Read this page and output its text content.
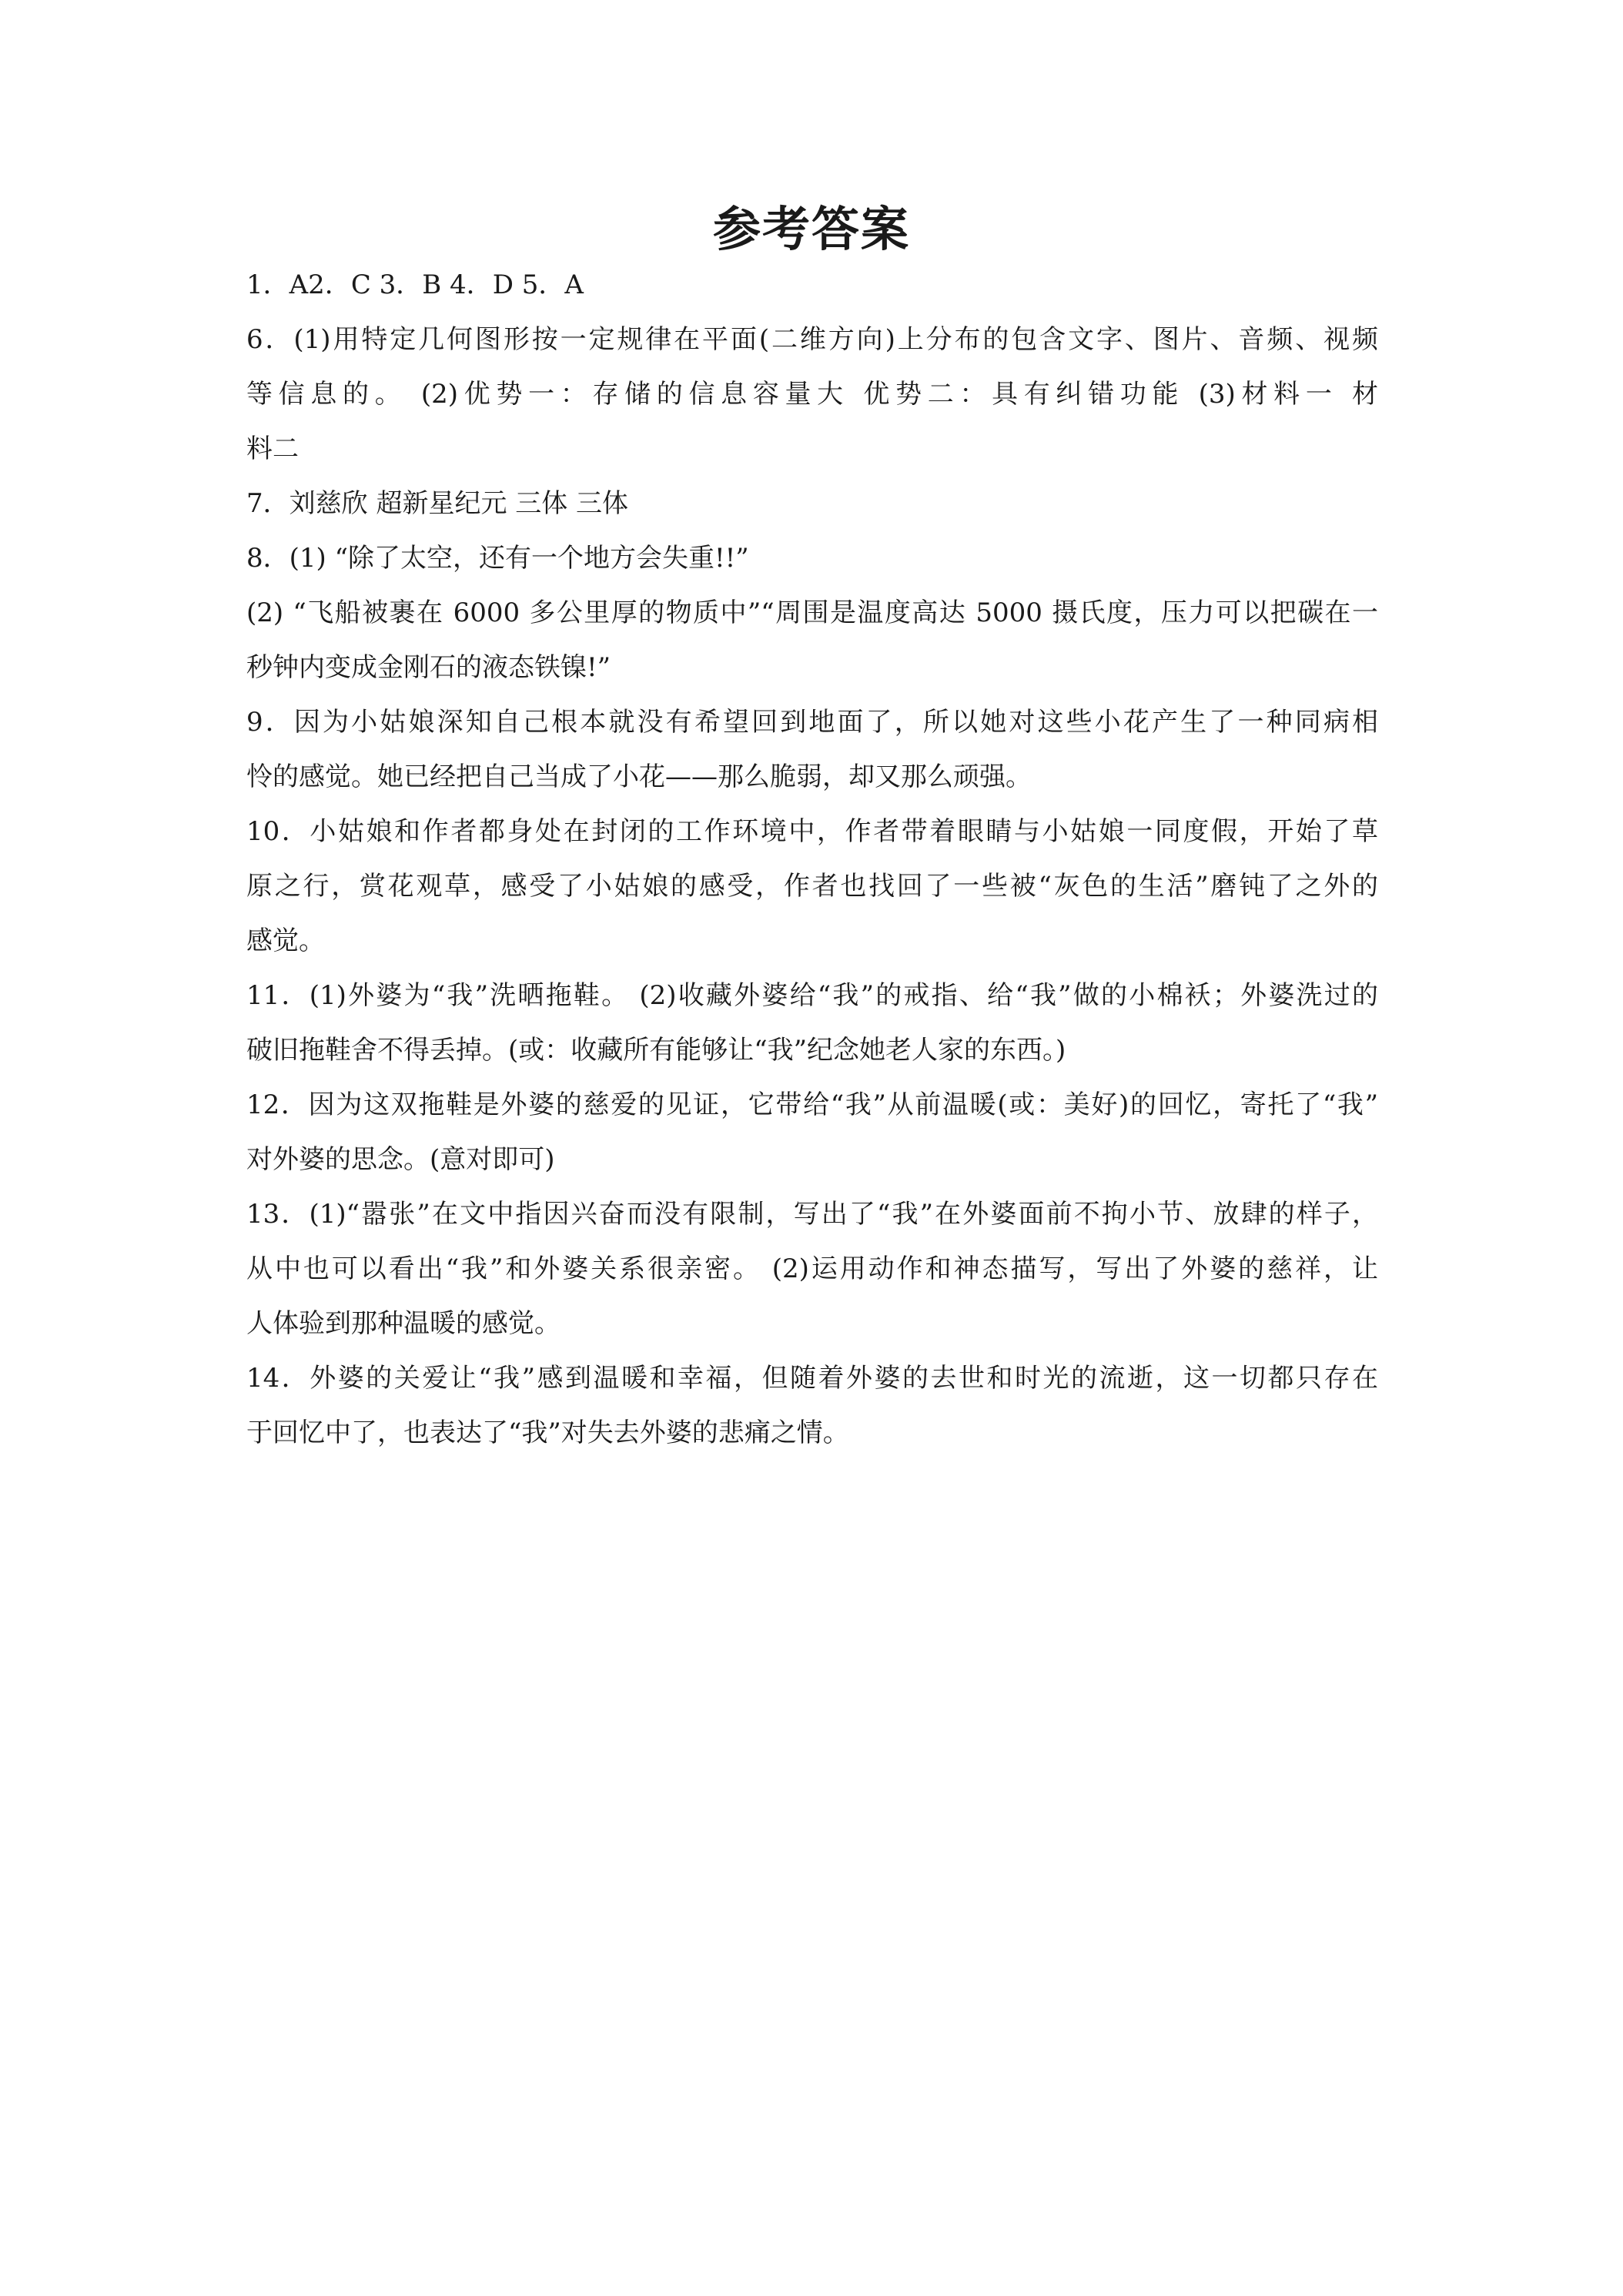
参考答案
1．A2．C 3．B 4．D 5．A
6．(1)用特定几何图形按一定规律在平面(二维方向)上分布的包含文字、图片、音频、视频
等信息的。 (2)优势一：存储的信息容量大 优势二：具有纠错功能 (3)材料一 材
料二
7．刘慈欣 超新星纪元 三体 三体
8．(1) “除了太空，还有一个地方会失重!!”
(2) “飞船被裹在 6000 多公里厚的物质中”“周围是温度高达 5000 摄氏度，压力可以把碳在一
秒钟内变成金刚石的液态铁镍!”
9．因为小姑娘深知自己根本就没有希望回到地面了，所以她对这些小花产生了一种同病相
怜的感觉。她已经把自己当成了小花——那么脆弱，却又那么顽强。
10．小姑娘和作者都身处在封闭的工作环境中，作者带着眼睛与小姑娘一同度假，开始了草
原之行，赏花观草，感受了小姑娘的感受，作者也找回了一些被“灰色的生活”磨钝了之外的
感觉。
11．(1)外婆为“我”洗晒拖鞋。 (2)收藏外婆给“我”的戒指、给“我”做的小棉袄；外婆洗过的
破旧拖鞋舍不得丢掉。(或：收藏所有能够让“我”纪念她老人家的东西。)
12．因为这双拖鞋是外婆的慈爱的见证，它带给“我”从前温暖(或：美好)的回忆，寄托了“我”
对外婆的思念。(意对即可)
13．(1)“嚣张”在文中指因兴奋而没有限制，写出了“我”在外婆面前不拘小节、放肆的样子，
从中也可以看出“我”和外婆关系很亲密。 (2)运用动作和神态描写，写出了外婆的慈祥，让
人体验到那种温暖的感觉。
14．外婆的关爱让“我”感到温暖和幸福，但随着外婆的去世和时光的流逝，这一切都只存在
于回忆中了，也表达了“我”对失去外婆的悲痛之情。
